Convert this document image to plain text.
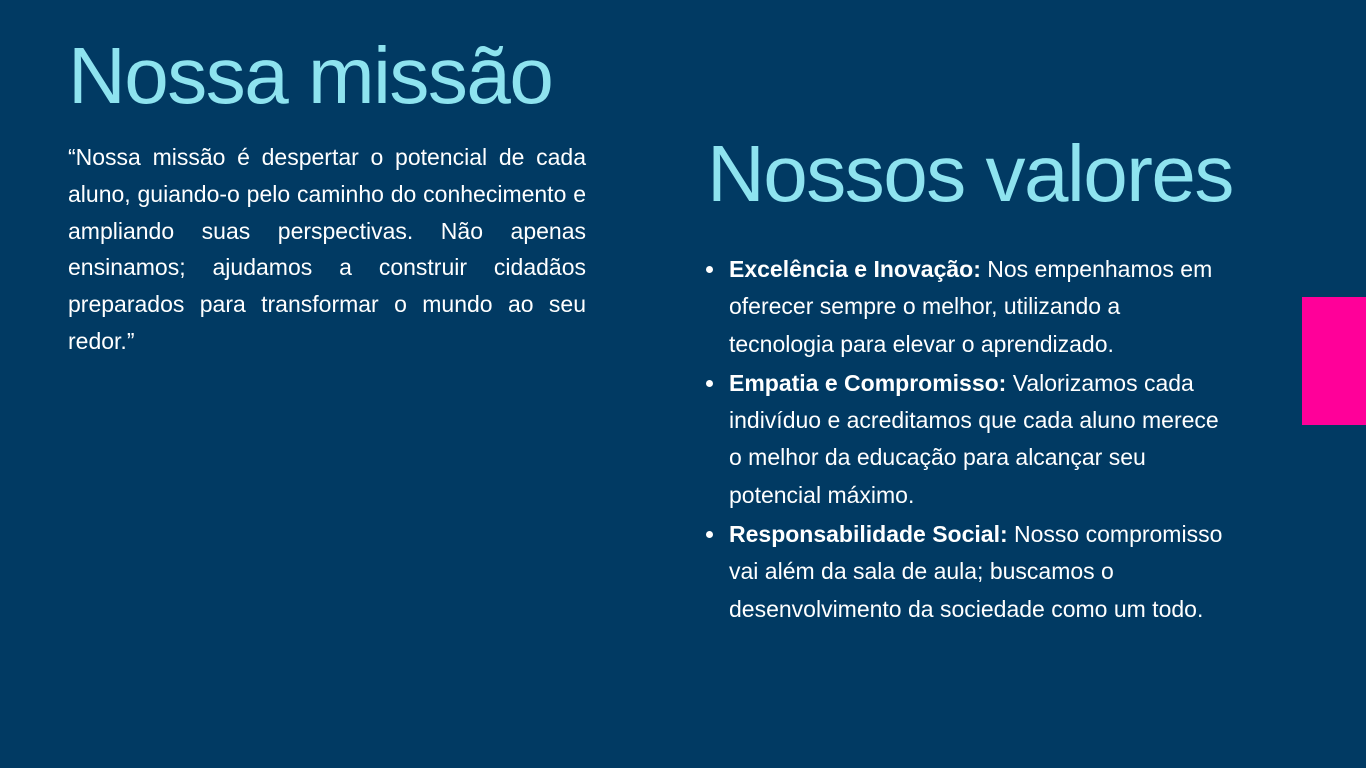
Nossa missão

“Nossa missão é despertar o potencial de cada aluno, guiando-o pelo caminho do conhecimento e ampliando suas perspectivas. Não apenas ensinamos; ajudamos a construir cidadãos preparados para transformar o mundo ao seu redor.”

Nossos valores
Excelência e Inovação: Nos empenhamos em oferecer sempre o melhor, utilizando a tecnologia para elevar o aprendizado.
Empatia e Compromisso: Valorizamos cada indivíduo e acreditamos que cada aluno merece o melhor da educação para alcançar seu potencial máximo.
Responsabilidade Social: Nosso compromisso vai além da sala de aula; buscamos o desenvolvimento da sociedade como um todo.
